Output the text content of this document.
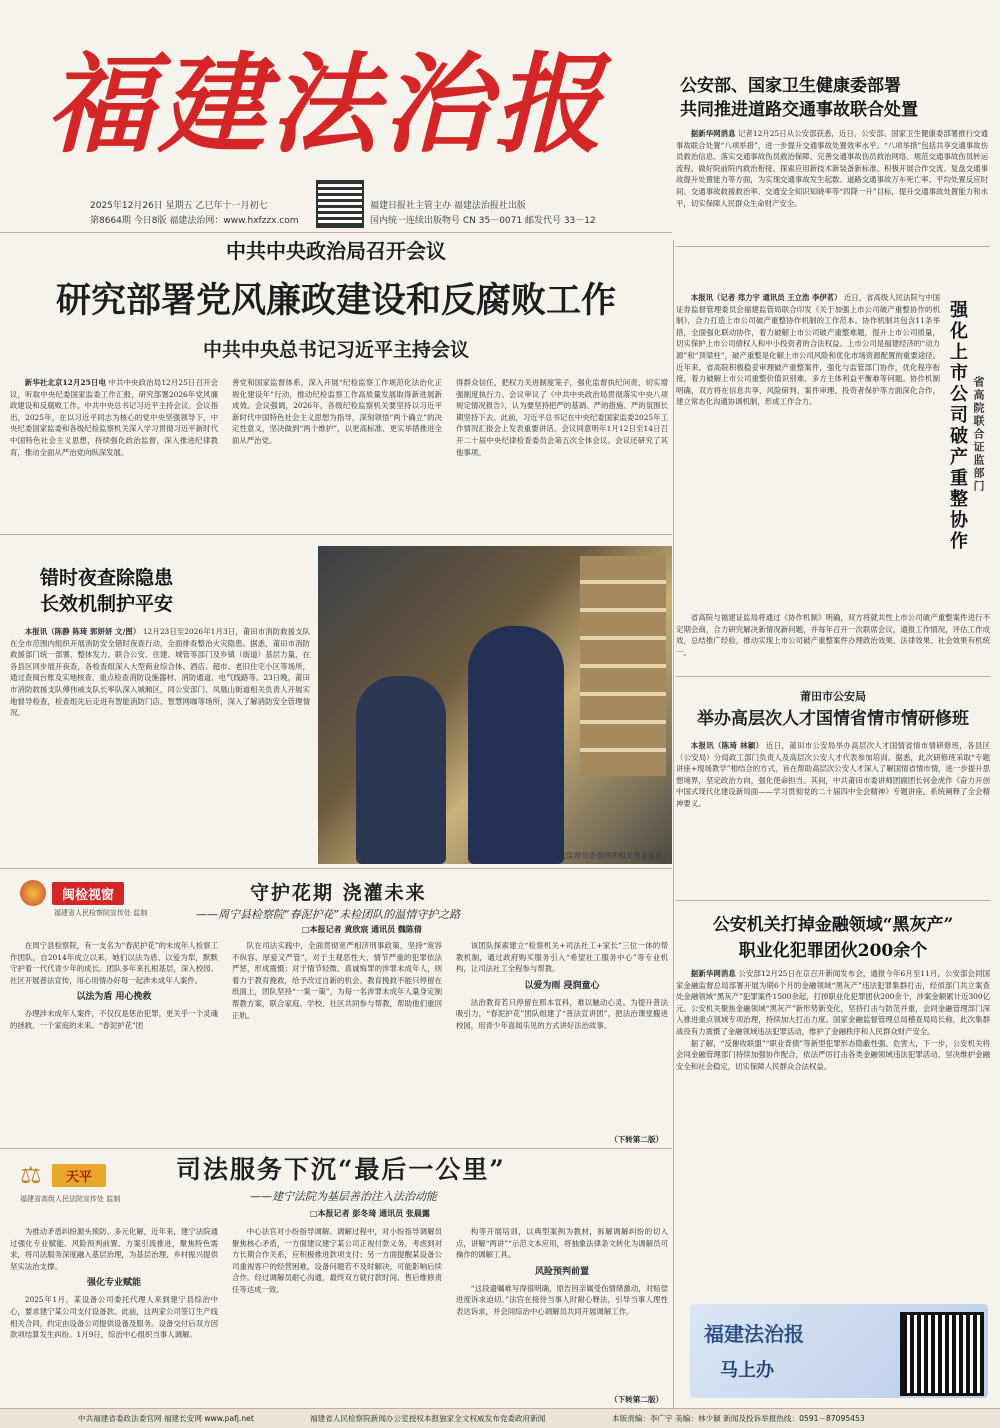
福建法治报
2025年12月26日 星期五 乙巳年十一月初七
第8664期 今日8版 福建法治网：www.hxfzzx.com
福建日报社主管主办 福建法治报社出版
国内统一连续出版物号 CN 35－0071 邮发代号 33－12

公安部、国家卫生健康委部署

共同推进道路交通事故联合处置

据新华网消息 记者12月25日从公安部获悉，近日，公安部、国家卫生健康委部署推行交通事故联合处置“八项举措”，进一步提升交通事故处置效率水平。“八项举措”包括共享交通事故伤员救治信息、落实交通事故伤员救治保障、完善交通事故伤员救治网络、规范交通事故伤员转运流程、做好院前院内救治衔接、探索应用新技术新装备新标准、积极开展合作交流、复盘交通事故提升处置能力等方面，为实现交通事故发生起数、道路交通事故万车死亡率、平均处置反应时间、交通事故救援救治率、交通安全知识知晓率等“四降一升”目标，提升交通事故处置能力和水平，切实保障人民群众生命财产安全。

中共中央政治局召开会议
研究部署党风廉政建设和反腐败工作
中共中央总书记习近平主持会议

新华社北京12月25日电 中共中央政治局12月25日召开会议，听取中央纪委国家监委工作汇报，研究部署2026年党风廉政建设和反腐败工作。中共中央总书记习近平主持会议。会议指出，2025年，在以习近平同志为核心的党中央坚强领导下，中央纪委国家监委和各级纪检监察机关深入学习贯彻习近平新时代中国特色社会主义思想，持续强化政治监督，深入推进纪律教育，推动全面从严治党向纵深发展。

善党和国家监督体系，深入开展“纪检监察工作规范化法治化正规化建设年”行动，推动纪检监察工作高质量发展取得新进展新成效。会议强调，2026年，各级纪检监察机关要坚持以习近平新时代中国特色社会主义思想为指导，深刻领悟“两个确立”的决定性意义，坚决做到“两个维护”，以更高标准、更实举措推进全面从严治党。

得群众信任，把权力关进制度笼子，强化监督执纪问责，切实增强制度执行力。会议审议了《中共中央政治局贯彻落实中央八项规定情况报告》，认为要坚持把严的基调、严的措施、严的氛围长期坚持下去。此前，习近平总书记在中央纪委国家监委2025年工作情况汇报会上发表重要讲话。会议同意明年1月12日至14日召开二十届中央纪律检查委员会第五次全体会议。会议还研究了其他事项。

本报讯（记者 郑力宇 通讯员 王立浩 李伊茗） 近日，省高级人民法院与中国证券监督管理委员会福建监管局联合印发《关于加强上市公司破产重整协作的机制》，合力打造上市公司破产重整协作机制的工作范本。协作机制共包含11条举措，全面强化联动协作，着力破解上市公司破产重整难题，提升上市公司质量，切实保护上市公司债权人和中小投资者的合法权益。上市公司是福建经济的“动力源”和“顶梁柱”，破产重整是化解上市公司风险和优化市场资源配置的重要途径。近年来，省高院积极稳妥审理破产重整案件，强化与监管部门协作，优化程序衔接，着力破解上市公司重整价值识别难、多方主体利益平衡难等问题。协作机制明确，双方将在信息共享、风险研判、案件审理、投资者保护等方面深化合作，建立常态化沟通协调机制，形成工作合力。	强化上市公司破产重整协作 省高院联合证监部门

省高院与福建证监局将通过《协作机制》明确，双方将就共性上市公司破产重整案件进行不定期会商，合力研究解决新情况新问题，并每年召开一次联席会议，通报工作情况，评估工作成效，总结推广经验，推动实现上市公司破产重整案件办理政治效果、法律效果、社会效果有机统一。

错时夜查除隐患

长效机制护平安

本报讯（陈静 陈琦 郭妍妍 文/图） 12月23日至2026年1月3日，莆田市消防救援支队在全市范围内组织开展消防安全错时夜查行动，全面排查整治火灾隐患。据悉，莆田市消防救援部门统一部署、整体发力、联合公安、住建、城管等部门及乡镇（街道）基层力量，在各县区同步展开夜查，各检查组深入大型商业综合体、酒店、超市、老旧住宅小区等场所，通过查阅台账及实地核查，重点检查消防设施器材、消防通道、电气线路等。23日晚，莆田市消防救援支队傅伟威支队长率队深入城厢区，同公安部门、凤凰山街道相关负责人开展实地督导检查，检查组先后走进有智能消防门店、智慧网咖等场所，深入了解消防安全管理情况。

防火监督员查看网吧相关营业证件。
莆田市公安局
举办高层次人才国情省情市情研修班

本报讯（陈琦 林颖） 近日，莆田市公安局举办高层次人才国情省情市情研修班，各县区（公安局）分局政工部门负责人及高层次公安人才代表参加培训。据悉，此次研修班采取“专题讲座+现场教学”相结合的方式，旨在帮助高层次公安人才深入了解国情省情市情，进一步提升思想境界，坚定政治方向，强化使命担当。其间，中共莆田市委讲师团副团长何金虎作《奋力开创中国式现代化建设新局面——学习贯彻党的二十届四中全会精神》专题讲座，系统阐释了全会精神要义。

公安机关打掉金融领域“黑灰产”

职业化犯罪团伙200余个

据新华网消息 公安部12月25日在京召开新闻发布会，通报今年6月至11月，公安部会同国家金融监督总局部署开展为期6个月的金融领域“黑灰产”违法犯罪集群打击，经侦部门共立案查处金融领域“黑灰产”犯罪案件1500余起，打掉职业化犯罪团伙200余个，涉案金额累计近300亿元。公安机关聚焦金融领域“黑灰产”新形势新变化，坚持打击与防范并重，会同金融管理部门深入推进重点领域专项治理，持续加大打击力度。国家金融监督管理总局稽查局局长称，此次集群战役有力震慑了金融领域违法犯罪活动，维护了金融秩序和人民群众财产安全。

据了解，“反催收联盟”“职业背债”等新型犯罪形态隐蔽性强、危害大，下一步，公安机关将会同金融管理部门持续加强协作配合，依法严厉打击各类金融领域违法犯罪活动，坚决维护金融安全和社会稳定，切实保障人民群众合法权益。

福建法治报
马上办
闽检视窗
福建省人民检察院宣传处 监制
守护花期 浇灌未来
——周宁县检察院“春泥护花”未检团队的温情守护之路
□本报记者 黄欣宸 通讯员 魏陈倩

在周宁县检察院，有一支名为“春泥护花”的未成年人检察工作团队，自2014年成立以来，她们以法为盾、以爱为犁，默默守护着一代代青少年的成长。团队多年来扎根基层，深入校园、社区开展普法宣传，用心用情办好每一起涉未成年人案件。

以法为盾 用心挽救

办理涉未成年人案件，不仅仅是惩治犯罪，更关乎一个灵魂的拯救、一个家庭的未来。“春泥护花”团

队在司法实践中，全面贯彻宽严相济刑事政策，坚持“宽容不纵容、厚爱又严管”，对于主观恶性大、情节严重的犯罪依法严惩，形成震慑；对于情节轻微、真诚悔罪的涉罪未成年人，则着力于教育挽救，给予改过自新的机会。教育挽救不能只停留在纸面上，团队坚持“一案一策”，为每一名涉罪未成年人量身定制帮教方案，联合家庭、学校、社区共同参与帮教，帮助他们重回正轨。

该团队探索建立“检察机关+司法社工+家长”三位一体的帮教机制，通过政府购买服务引入“希望社工服务中心”等专业机构，让司法社工全程参与帮教。

以爱为雨 浸润童心

法治教育若只停留在照本宣科，难以触动心灵。为提升普法吸引力，“春泥护花”团队组建了“普法宣讲团”，把法治课堂搬进校园，用青少年喜闻乐见的方式讲好法治故事。

（下转第二版）
⚖	天平
福建省高级人民法院宣传处 监制
司法服务下沉“最后一公里”
——建宁法院为基层善治注入法治动能
□本报记者 彭冬琦 通讯员 张晨露

为推动矛盾纠纷源头预防、多元化解，近年来，建宁法院通过强化专业赋能、风险预判前置、方案引流推进，聚焦特色需求，将司法服务深度融入基层治理，为基层治理、乡村振兴提供坚实法治支撑。

强化专业赋能

2025年1月，某设备公司委托代理人来到建宁县综治中心，要求建宁某公司支付设备款。此前，这两家公司签订生产线相关合同，约定由设备公司提供设备及服务。设备交付后双方因款项结算发生纠纷。1月9日，综治中心组织当事人调解。

中心法官对小纷指导调解。调解过程中，对小纷指导调解员聚焦核心矛盾，一方面建议建宁某公司正视付款义务，考虑到对方长期合作关系，应积极推进款项支付；另一方面提醒某设备公司重视客户的经营困难，设备问题若不及时解决，可能影响后续合作。经过调解员耐心沟通，最终双方就付款时间、售后维修责任等达成一致。

构等开展培训，以典型案例为教材，拆解调解纠纷的切入点，讲解“两讲”“示范文本应用，将抽象法律条文转化为调解员可操作的调解工具。

风险预判前置

“这段遗嘱难写得很明确，原告因亲属受伤情绪激动，对赔偿进度诉求迫切。”法官在接待当事人时耐心释法，引导当事人理性表达诉求，并会同综治中心调解员共同开展调解工作。

（下转第二版）
中共福建省委政法委官网 福建长安网 www.pafj.net	福建省人民检察院新闻办公室授权本报独家全文权威发布党委政府新闻	本版责编：李广宇 美编：林少颖 新闻及投诉举报热线：0591－87095453
